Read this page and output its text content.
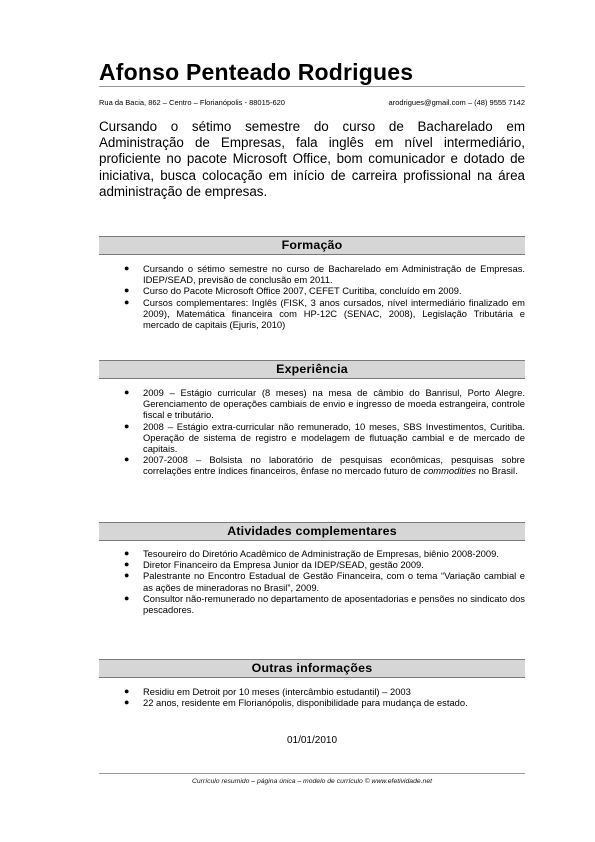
Afonso Penteado Rodrigues
Rua da Bacia, 862 – Centro – Florianópolis - 88015-620	arodrigues@gmail.com – (48) 9555 7142

Cursando o sétimo semestre do curso de Bacharelado em Administração de Empresas, fala inglês em nível intermediário, proficiente no pacote Microsoft Office, bom comunicador e dotado de iniciativa, busca colocação em início de carreira profissional na área administração de empresas.

Formação
● Cursando o sétimo semestre no curso de Bacharelado em Administração de Empresas. IDEP/SEAD, previsão de conclusão em 2011.
● Curso do Pacote Microsoft Office 2007, CEFET Curitiba, concluído em 2009.
● Cursos complementares: Inglês (FISK, 3 anos cursados, nível intermediário finalizado em 2009), Matemática financeira com HP-12C (SENAC, 2008), Legislação Tributária e mercado de capitais (Ejuris, 2010)
Experiência
● 2009 – Estágio curricular (8 meses) na mesa de câmbio do Banrisul, Porto Alegre. Gerenciamento de operações cambiais de envio e ingresso de moeda estrangeira, controle fiscal e tributário.
● 2008 – Estágio extra-curricular não remunerado, 10 meses, SBS Investimentos, Curitiba. Operação de sistema de registro e modelagem de flutuação cambial e de mercado de capitais.
● 2007-2008 – Bolsista no laboratório de pesquisas econômicas, pesquisas sobre correlações entre índices financeiros, ênfase no mercado futuro de commodities no Brasil.
Atividades complementares
● Tesoureiro do Diretório Acadêmico de Administração de Empresas, biênio 2008-2009.
● Diretor Financeiro da Empresa Junior da IDEP/SEAD, gestão 2009.
● Palestrante no Encontro Estadual de Gestão Financeira, com o tema “Variação cambial e as ações de mineradoras no Brasil”, 2009.
● Consultor não-remunerado no departamento de aposentadorias e pensões no sindicato dos pescadores.
Outras informações
● Residiu em Detroit por 10 meses (intercâmbio estudantil) – 2003
● 22 anos, residente em Florianópolis, disponibilidade para mudança de estado.
01/01/2010
Currículo resumido – página única – modelo de currículo © www.efetividade.net
